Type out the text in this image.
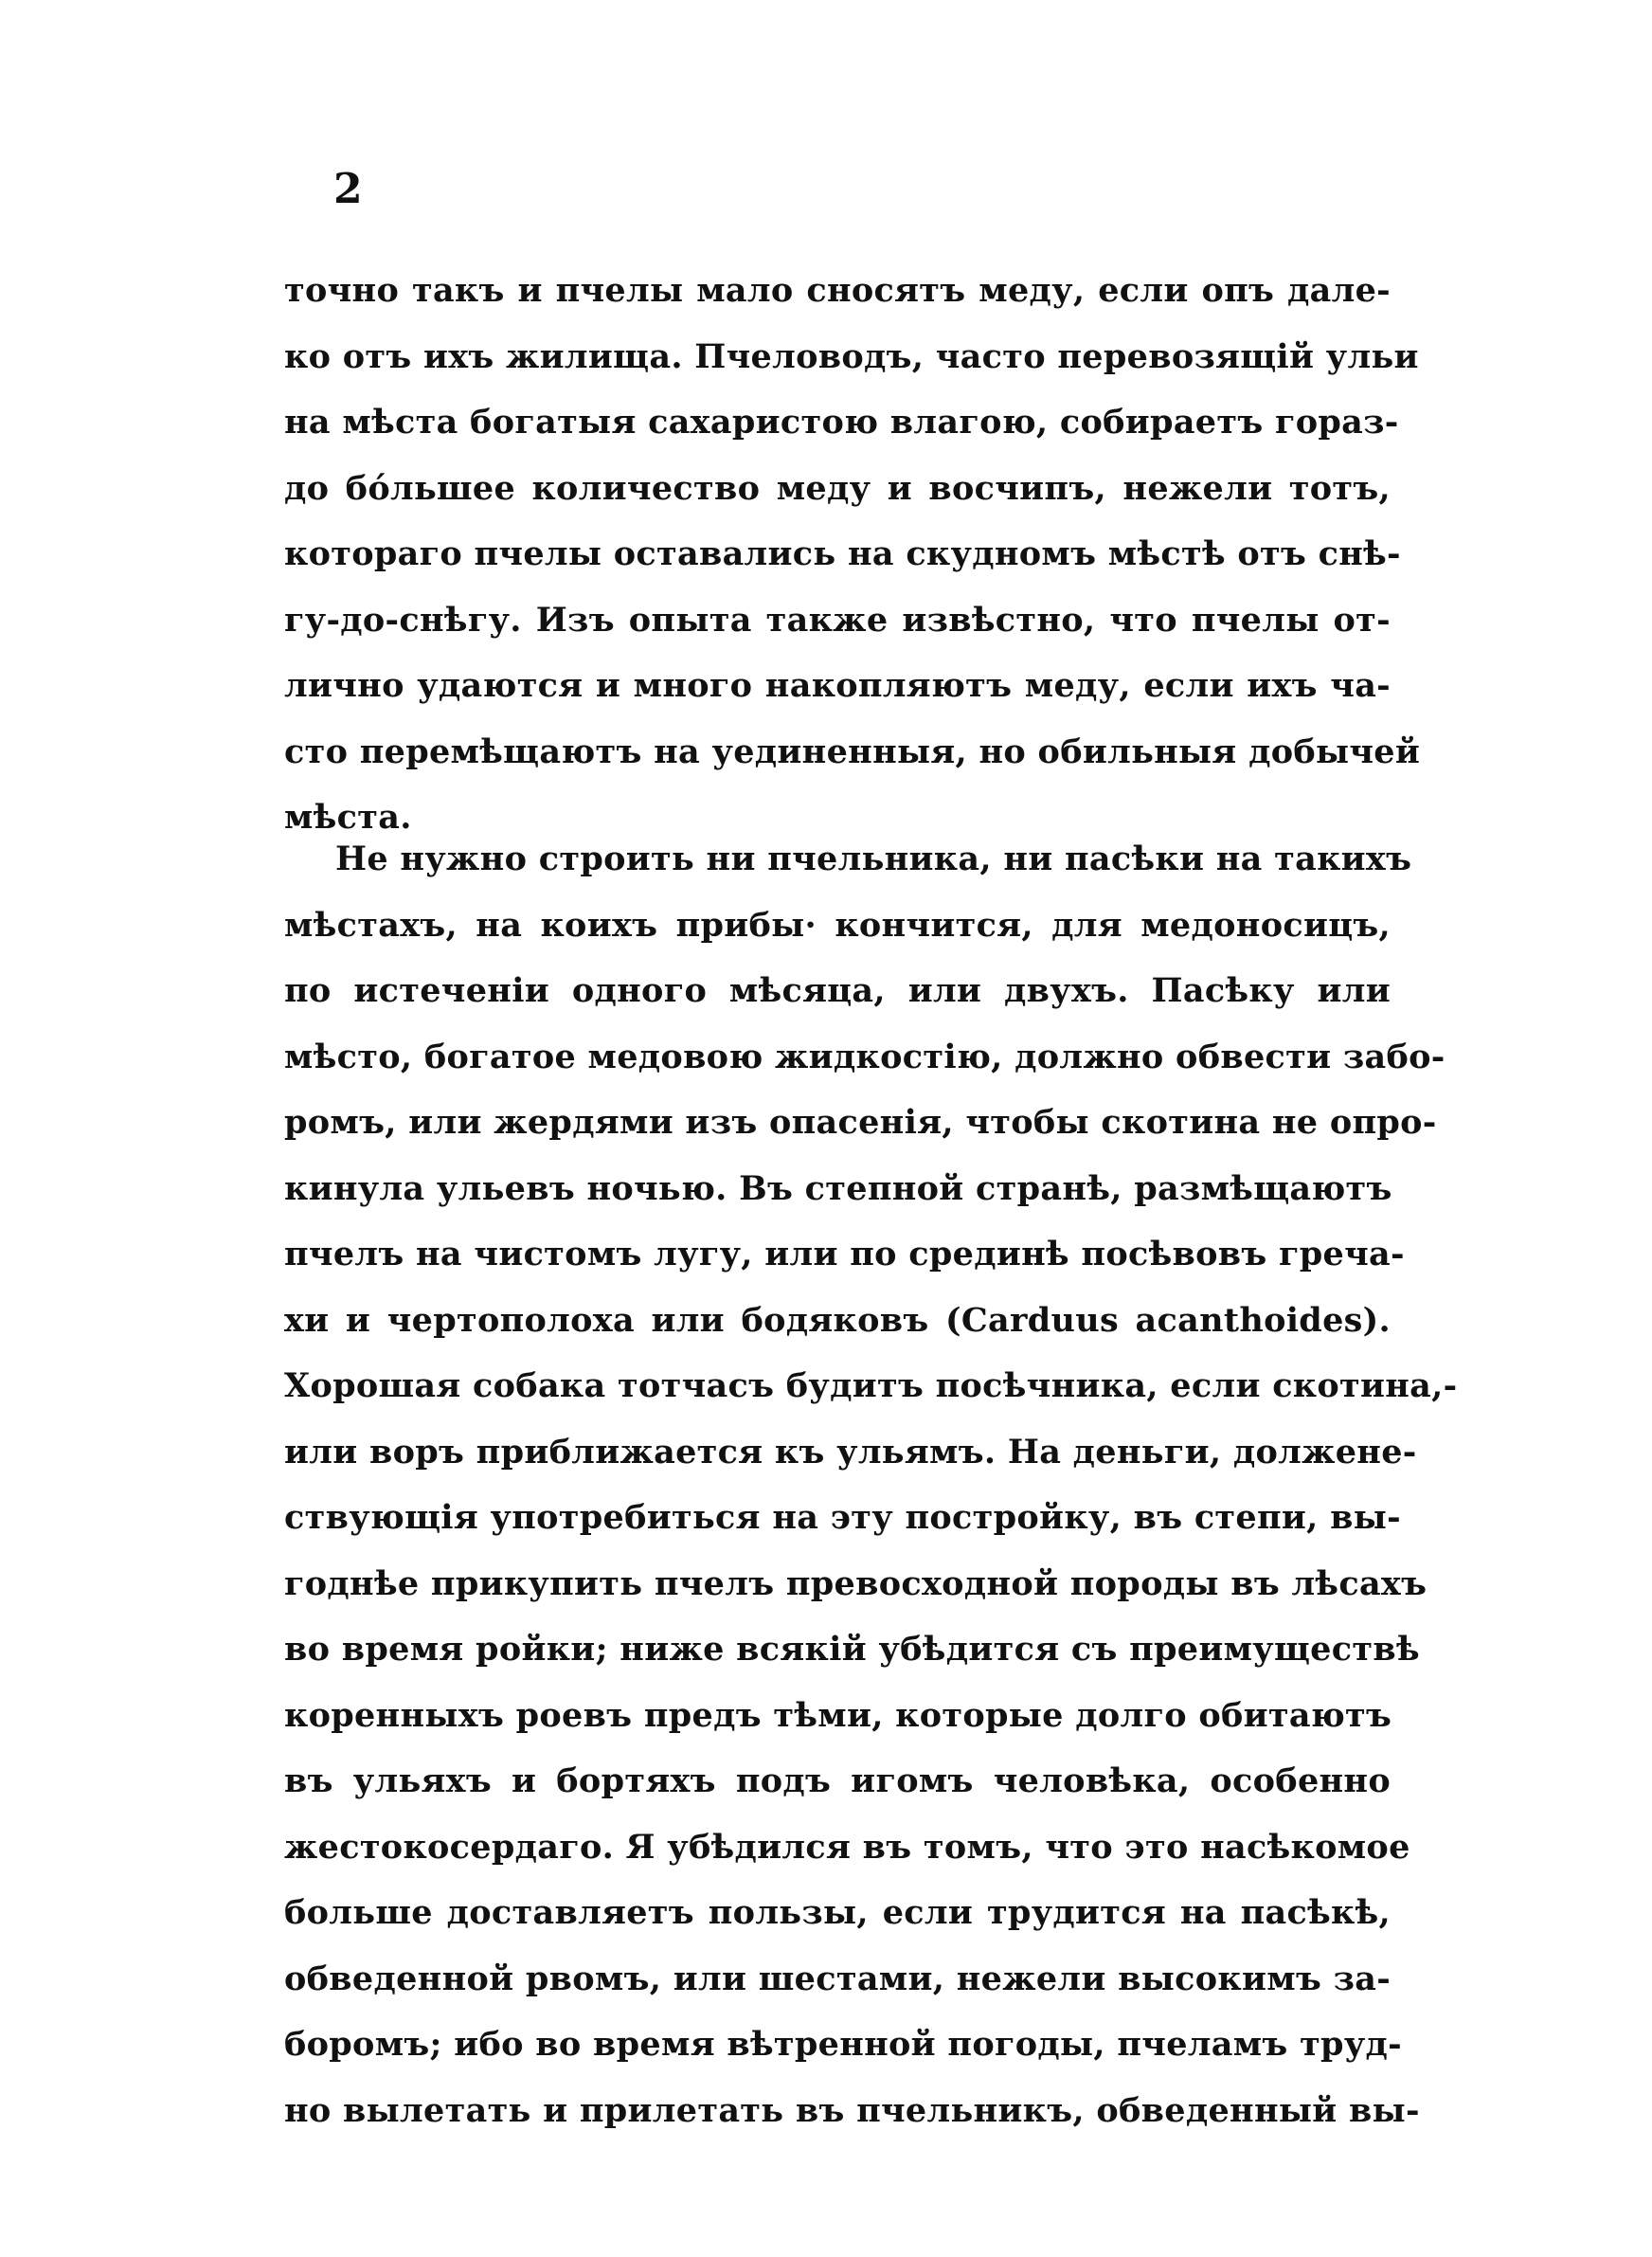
2
точно такъ и пчелы мало сносятъ меду, если опъ дале-
ко отъ ихъ жилища. Пчеловодъ, часто перевозящій ульи
на мѣста богатыя сахаристою влагою, собираетъ горaз-
до бóльшее количество меду и восчипъ, нежели тотъ,
котораго пчелы оставались на скудномъ мѣстѣ отъ снѣ-
гу-до-снѣгу. Изъ опыта также извѣстно, что пчелы от-
лично удаются и много накопляютъ меду, если ихъ ча-
сто перемѣщаютъ на уединенныя, но обильныя добычей
мѣста.
Не нужно строить ни пчельника, ни пасѣки на такихъ
мѣстахъ, на коихъ прибы· кончится, для медоносицъ,
по истеченіи одного мѣсяца, или двухъ. Пасѣку или
мѣсто, богатое медовою жидкостію, должно обвести забо-
ромъ, или жердями изъ опасенія, чтобы скотина не опро-
кинула ульевъ ночью. Въ степной странѣ, размѣщаютъ
пчелъ на чистомъ лугу, или по срединѣ посѣвовъ греча-
хи и чертополоха или бодяковъ (Carduus acanthoides).
Хорошая собака тотчасъ будитъ посѣчника, если скотина,-
или воръ приближается къ ульямъ. На деньги, долженe-
ствующія употребиться на эту постройку, въ степи, вы-
годнѣе прикупить пчелъ превосходной породы въ лѣсахъ
во время ройки; ниже всякій убѣдится съ преимуществѣ
коренныхъ роевъ предъ тѣми, которые долго обитаютъ
въ ульяхъ и бортяхъ подъ игомъ человѣка, особенно
жестокосердаго. Я убѣдился въ томъ, что это насѣкомое
больше доставляетъ пользы, если трудится на пасѣкѣ,
обведенной рвомъ, или шестами, нежели высокимъ за-
боромъ; ибо во время вѣтренной погоды, пчеламъ труд-
но вылетать и прилетать въ пчельникъ, обведенный вы-
